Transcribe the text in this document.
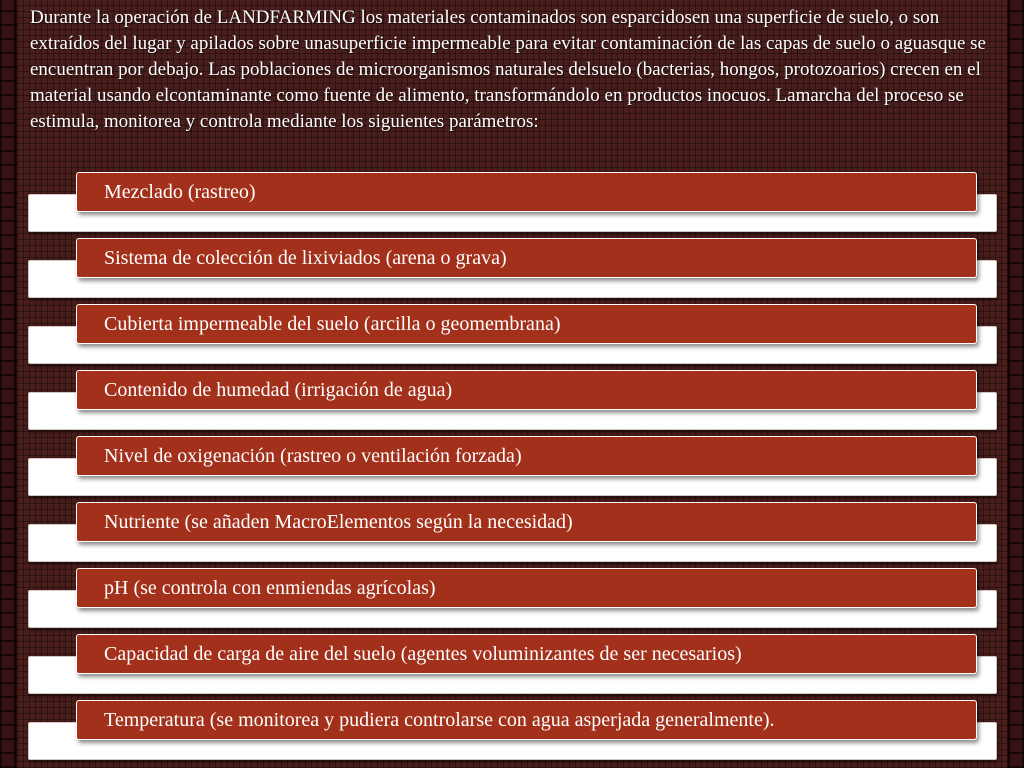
Durante la operación de LANDFARMING los materiales contaminados son esparcidosen una superficie de suelo, o son extraídos del lugar y apilados sobre unasuperficie impermeable para evitar contaminación de las capas de suelo o aguasque se encuentran por debajo. Las poblaciones de microorganismos naturales delsuelo (bacterias, hongos, protozoarios) crecen en el material usando elcontaminante como fuente de alimento, transformándolo en productos inocuos. Lamarcha del proceso se estimula, monitorea y controla mediante los siguientes parámetros:
Mezclado (rastreo)
Sistema de colección de lixiviados (arena o grava)
Cubierta impermeable del suelo (arcilla o geomembrana)
Contenido de humedad (irrigación de agua)
Nivel de oxigenación (rastreo o ventilación forzada)
Nutriente (se añaden MacroElementos según la necesidad)
pH (se controla con enmiendas agrícolas)
Capacidad de carga de aire del suelo (agentes voluminizantes de ser necesarios)
Temperatura (se monitorea y pudiera controlarse con agua asperjada generalmente).
